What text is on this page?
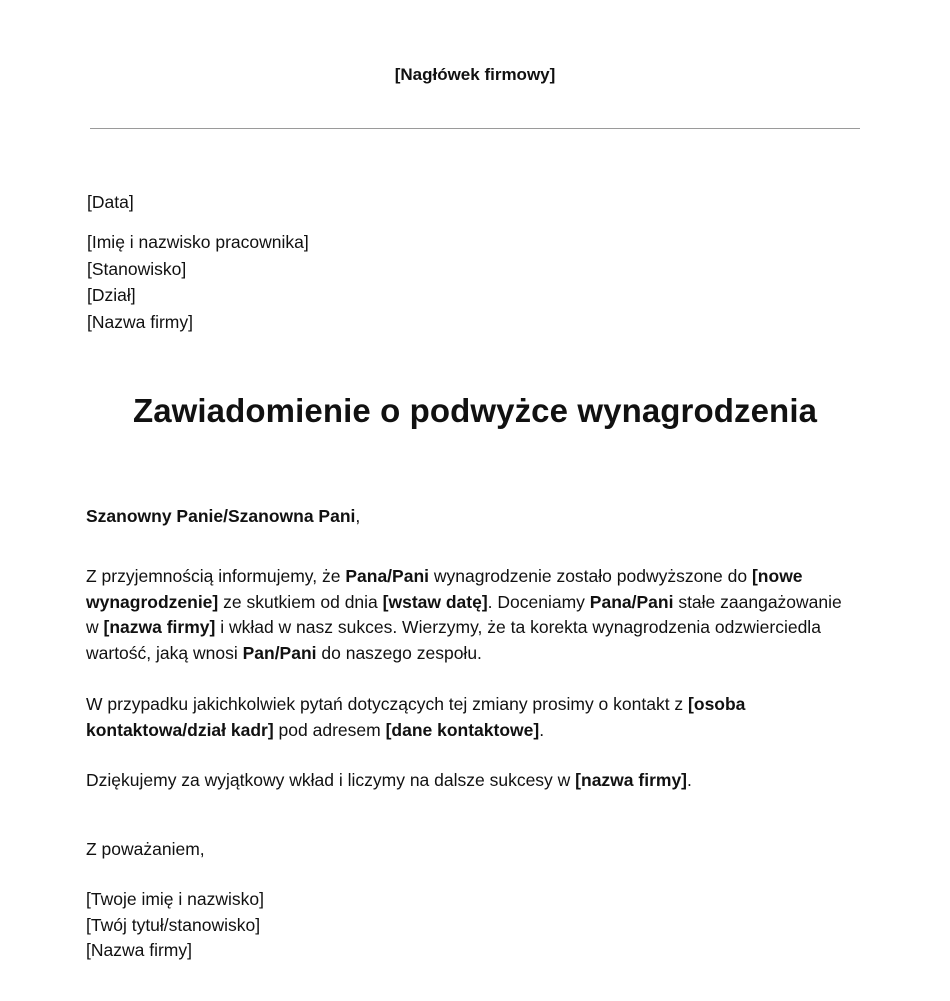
[Nagłówek firmowy]
[Data]
[Imię i nazwisko pracownika]
[Stanowisko]
[Dział]
[Nazwa firmy]
Zawiadomienie o podwyżce wynagrodzenia
Szanowny Panie/Szanowna Pani,
Z przyjemnością informujemy, że Pana/Pani wynagrodzenie zostało podwyższone do [nowe wynagrodzenie] ze skutkiem od dnia [wstaw datę]. Doceniamy Pana/Pani stałe zaangażowanie w [nazwa firmy] i wkład w nasz sukces. Wierzymy, że ta korekta wynagrodzenia odzwierciedla wartość, jaką wnosi Pan/Pani do naszego zespołu.
W przypadku jakichkolwiek pytań dotyczących tej zmiany prosimy o kontakt z [osoba kontaktowa/dział kadr] pod adresem [dane kontaktowe].
Dziękujemy za wyjątkowy wkład i liczymy na dalsze sukcesy w [nazwa firmy].
Z poważaniem,
[Twoje imię i nazwisko]
[Twój tytuł/stanowisko]
[Nazwa firmy]
